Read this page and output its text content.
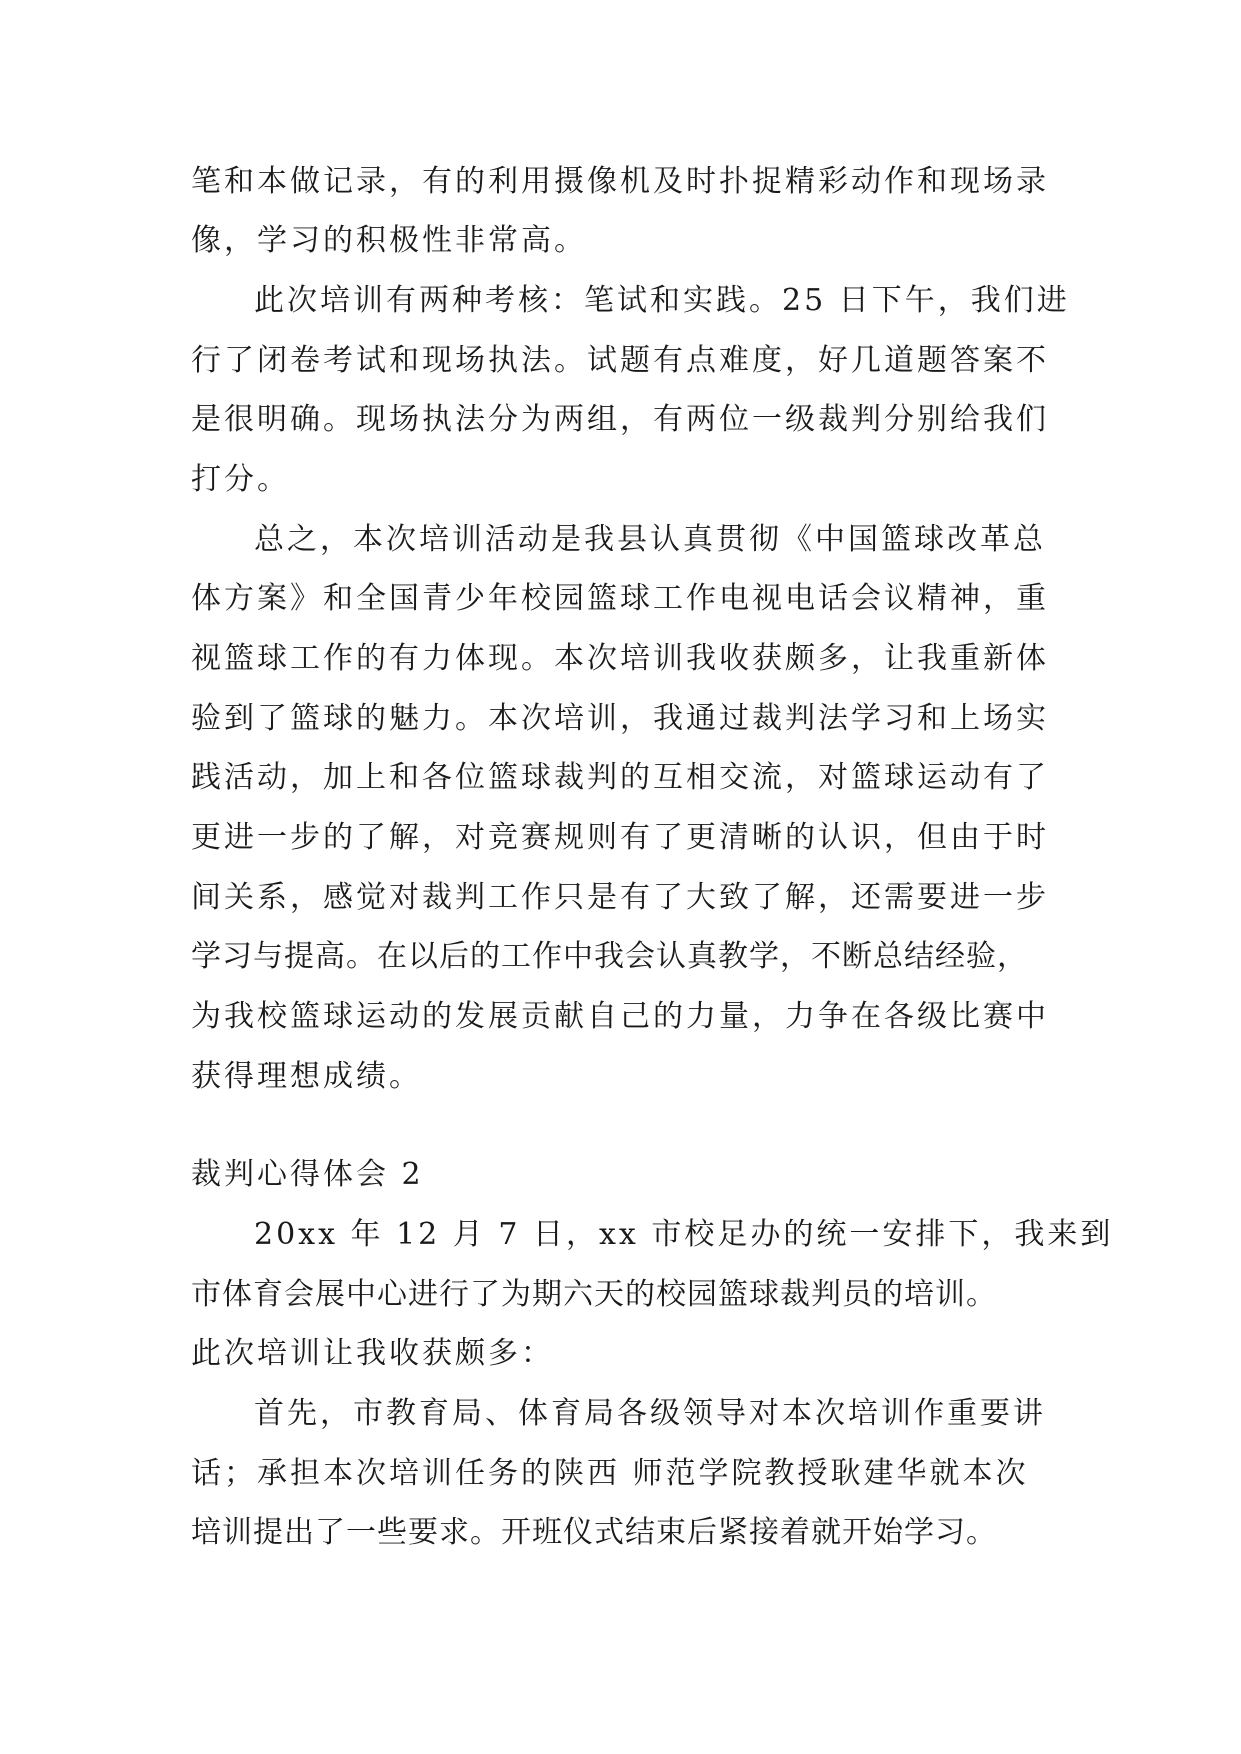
笔和本做记录，有的利用摄像机及时扑捉精彩动作和现场录
像，学习的积极性非常高。
此次培训有两种考核：笔试和实践。25 日下午，我们进
行了闭卷考试和现场执法。试题有点难度，好几道题答案不
是很明确。现场执法分为两组，有两位一级裁判分别给我们
打分。
总之，本次培训活动是我县认真贯彻《中国篮球改革总
体方案》和全国青少年校园篮球工作电视电话会议精神，重
视篮球工作的有力体现。本次培训我收获颇多，让我重新体
验到了篮球的魅力。本次培训，我通过裁判法学习和上场实
践活动，加上和各位篮球裁判的互相交流，对篮球运动有了
更进一步的了解，对竞赛规则有了更清晰的认识，但由于时
间关系，感觉对裁判工作只是有了大致了解，还需要进一步
学习与提高。在以后的工作中我会认真教学，不断总结经验，
为我校篮球运动的发展贡献自己的力量，力争在各级比赛中
获得理想成绩。
裁判心得体会 2
20xx 年 12 月 7 日，xx 市校足办的统一安排下，我来到
市体育会展中心进行了为期六天的校园篮球裁判员的培训。
此次培训让我收获颇多：
首先，市教育局、体育局各级领导对本次培训作重要讲
话；承担本次培训任务的陕西 师范学院教授耿建华就本次
培训提出了一些要求。开班仪式结束后紧接着就开始学习。
